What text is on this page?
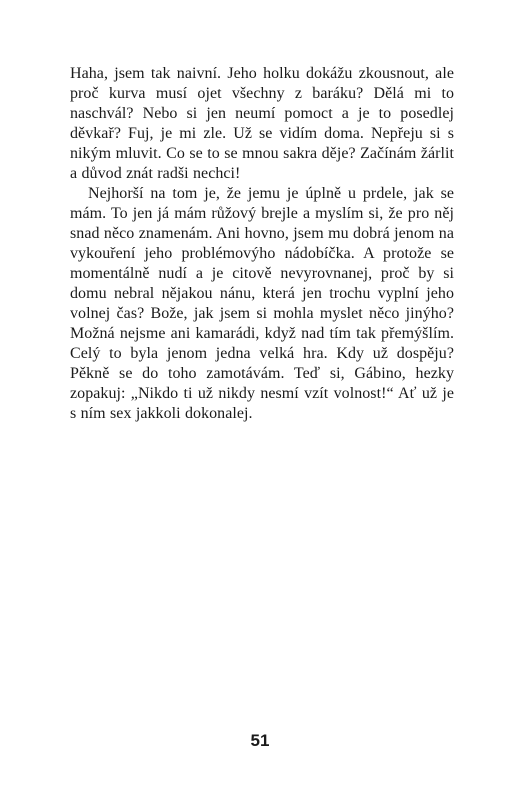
Haha, jsem tak naivní. Jeho holku dokážu zkousnout, ale proč kurva musí ojet všechny z baráku? Dělá mi to naschvál? Nebo si jen neumí pomoct a je to posedlej děvkař? Fuj, je mi zle. Už se vidím doma. Nepřeju si s nikým mluvit. Co se to se mnou sakra děje? Začínám žárlit a důvod znát radši nechci!

Nejhorší na tom je, že jemu je úplně u prdele, jak se mám. To jen já mám růžový brejle a myslím si, že pro něj snad něco znamenám. Ani hovno, jsem mu dobrá jenom na vykouření jeho problémovýho nádobíčka. A protože se momentálně nudí a je citově nevyrovnanej, proč by si domu nebral nějakou nánu, která jen trochu vyplní jeho volnej čas? Bože, jak jsem si mohla myslet něco jinýho? Možná nejsme ani kamarádi, když nad tím tak přemýšlím. Celý to byla jenom jedna velká hra. Kdy už dospěju? Pěkně se do toho zamotávám. Teď si, Gábino, hezky zopakuj: „Nikdo ti už nikdy nesmí vzít volnost!“ Ať už je s ním sex jakkoli dokonalej.

51
